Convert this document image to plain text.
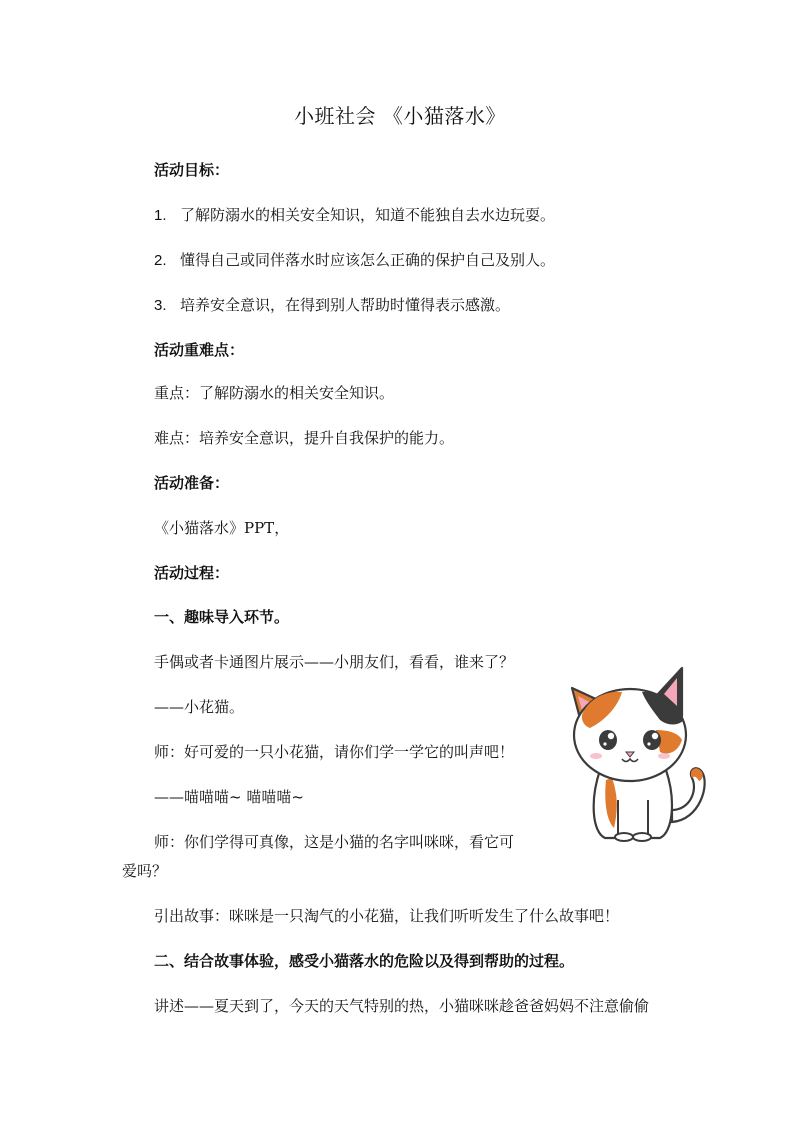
小班社会 《小猫落水》
活动目标：
1. 了解防溺水的相关安全知识，知道不能独自去水边玩耍。
2. 懂得自己或同伴落水时应该怎么正确的保护自己及别人。
3. 培养安全意识，在得到别人帮助时懂得表示感激。
活动重难点：
重点：了解防溺水的相关安全知识。
难点：培养安全意识，提升自我保护的能力。
活动准备：
《小猫落水》PPT，
活动过程：
一、趣味导入环节。
手偶或者卡通图片展示——小朋友们，看看，谁来了？
——小花猫。
师：好可爱的一只小花猫，请你们学一学它的叫声吧！
——喵喵喵~ 喵喵喵~
师：你们学得可真像，这是小猫的名字叫咪咪，看它可
爱吗？
引出故事：咪咪是一只淘气的小花猫，让我们听听发生了什么故事吧！
二、结合故事体验，感受小猫落水的危险以及得到帮助的过程。
讲述——夏天到了，今天的天气特别的热，小猫咪咪趁爸爸妈妈不注意偷偷
